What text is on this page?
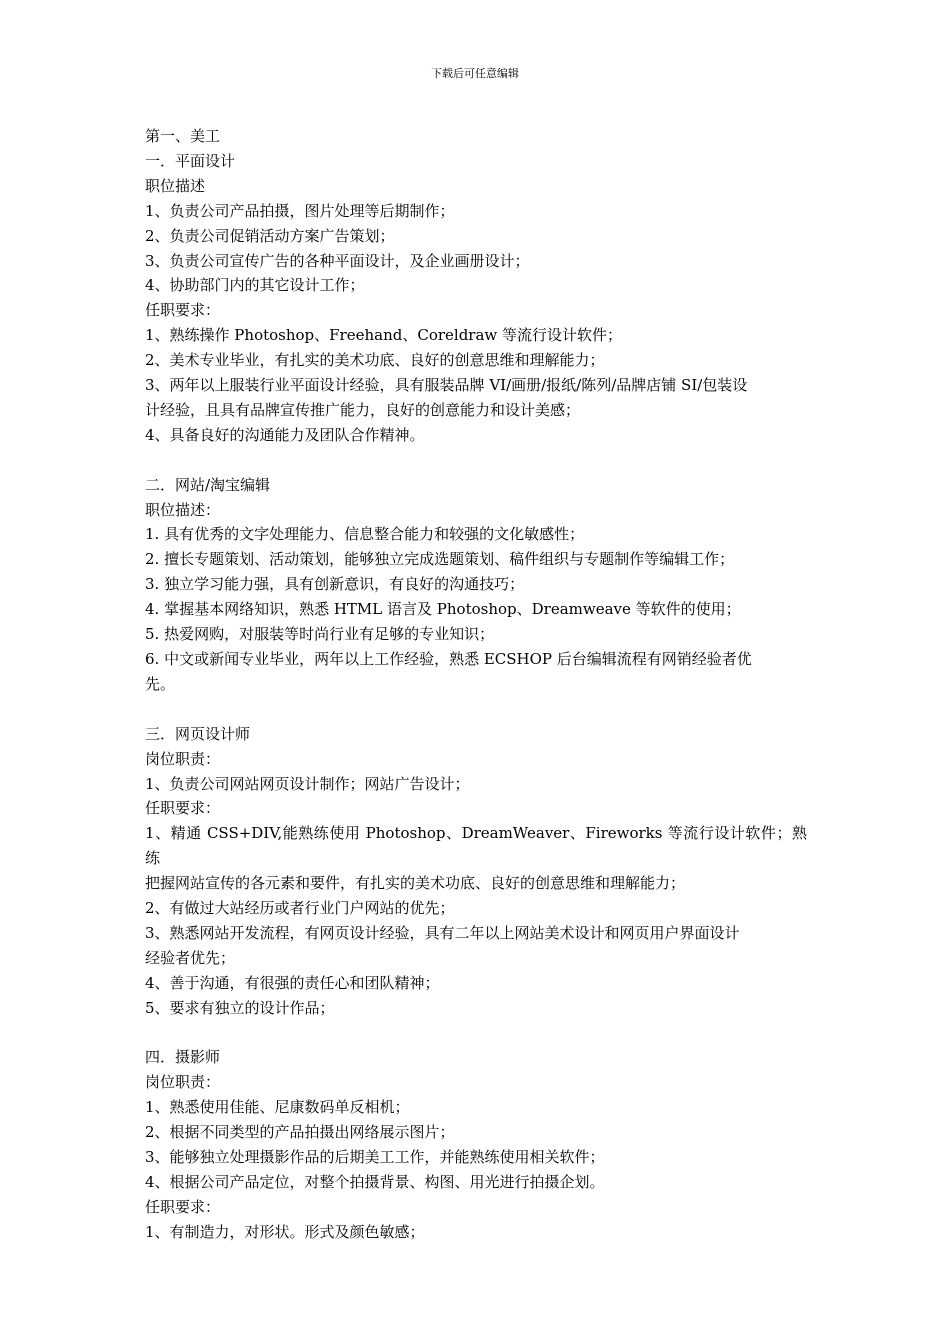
下载后可任意编辑

第一、美工

一．平面设计

职位描述

1、负责公司产品拍摄，图片处理等后期制作；

2、负责公司促销活动方案广告策划；

3、负责公司宣传广告的各种平面设计，及企业画册设计；

4、协助部门内的其它设计工作；

任职要求：

1、熟练操作 Photoshop、Freehand、Coreldraw 等流行设计软件；

2、美术专业毕业，有扎实的美术功底、良好的创意思维和理解能力；

3、两年以上服装行业平面设计经验，具有服装品牌 VI/画册/报纸/陈列/品牌店铺 SI/包装设

计经验，且具有品牌宣传推广能力，良好的创意能力和设计美感；

4、具备良好的沟通能力及团队合作精神。

二．网站/淘宝编辑

职位描述：

1. 具有优秀的文字处理能力、信息整合能力和较强的文化敏感性；

2. 擅长专题策划、活动策划，能够独立完成选题策划、稿件组织与专题制作等编辑工作；

3. 独立学习能力强，具有创新意识，有良好的沟通技巧；

4. 掌握基本网络知识，熟悉 HTML 语言及 Photoshop、Dreamweave 等软件的使用；

5. 热爱网购，对服装等时尚行业有足够的专业知识；

6. 中文或新闻专业毕业，两年以上工作经验，熟悉 ECSHOP 后台编辑流程有网销经验者优

先。

三．网页设计师

岗位职责：

1、负责公司网站网页设计制作；网站广告设计；

任职要求：

1、精通 CSS+DIV,能熟练使用 Photoshop、DreamWeaver、Fireworks 等流行设计软件；熟练

把握网站宣传的各元素和要件，有扎实的美术功底、良好的创意思维和理解能力；

2、有做过大站经历或者行业门户网站的优先；

3、熟悉网站开发流程，有网页设计经验，具有二年以上网站美术设计和网页用户界面设计

经验者优先；

4、善于沟通，有很强的责任心和团队精神；

5、要求有独立的设计作品；

四．摄影师

岗位职责：

1、熟悉使用佳能、尼康数码单反相机；

2、根据不同类型的产品拍摄出网络展示图片；

3、能够独立处理摄影作品的后期美工工作，并能熟练使用相关软件；

4、根据公司产品定位，对整个拍摄背景、构图、用光进行拍摄企划。

任职要求：

1、有制造力，对形状。形式及颜色敏感；
